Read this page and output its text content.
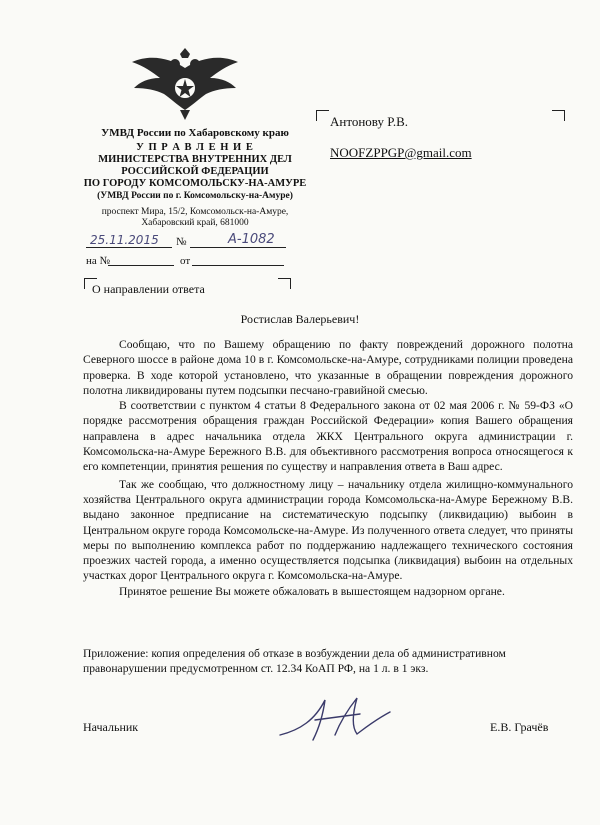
УМВД России по Хабаровскому краю
У П Р А В Л Е Н И Е
МИНИСТЕРСТВА ВНУТРЕННИХ ДЕЛ
РОССИЙСКОЙ ФЕДЕРАЦИИ
ПО ГОРОДУ КОМСОМОЛЬСКУ-НА-АМУРЕ
(УМВД России по г. Комсомольску-на-Амуре)
проспект Мира, 15/2, Комсомольск-на-Амуре,
Хабаровский край, 681000
25.11.2015 №	А-1082
на №	от
О направлении ответа
Антонову Р.В.
NOOFZPPGP@gmail.com
Ростислав Валерьевич!

Сообщаю, что по Вашему обращению по факту повреждений дорожного полотна Северного шоссе в районе дома 10 в г. Комсомольске-на-Амуре, сотрудниками полиции проведена проверка. В ходе которой установлено, что указанные в обращении повреждения дорожного полотна ликвидированы путем подсыпки песчано-гравийной смесью.

В соответствии с пунктом 4 статьи 8 Федерального закона от 02 мая 2006 г. № 59-ФЗ «О порядке рассмотрения обращения граждан Российской Федерации» копия Вашего обращения направлена в адрес начальника отдела ЖКХ Центрального округа администрации г. Комсомольска-на-Амуре Бережного В.В. для объективного рассмотрения вопроса относящегося к его компетенции, принятия решения по существу и направления ответа в Ваш адрес.

Так же сообщаю, что должностному лицу – начальнику отдела жилищно-коммунального хозяйства Центрального округа администрации города Комсомольска-на-Амуре Бережному В.В. выдано законное предписание на систематическую подсыпку (ликвидацию) выбоин в Центральном округе города Комсомольске-на-Амуре. Из полученного ответа следует, что приняты меры по выполнению комплекса работ по поддержанию надлежащего технического состояния проезжих частей города, а именно осуществляется подсыпка (ликвидация) выбоин на отдельных участках дорог Центрального округа г. Комсомольска-на-Амуре.

Принятое решение Вы можете обжаловать в вышестоящем надзорном органе.

Приложение: копия определения об отказе в возбуждении дела об административном правонарушении предусмотренном ст. 12.34 КоАП РФ, на 1 л. в 1 экз.
Начальник	Е.В. Грачёв
